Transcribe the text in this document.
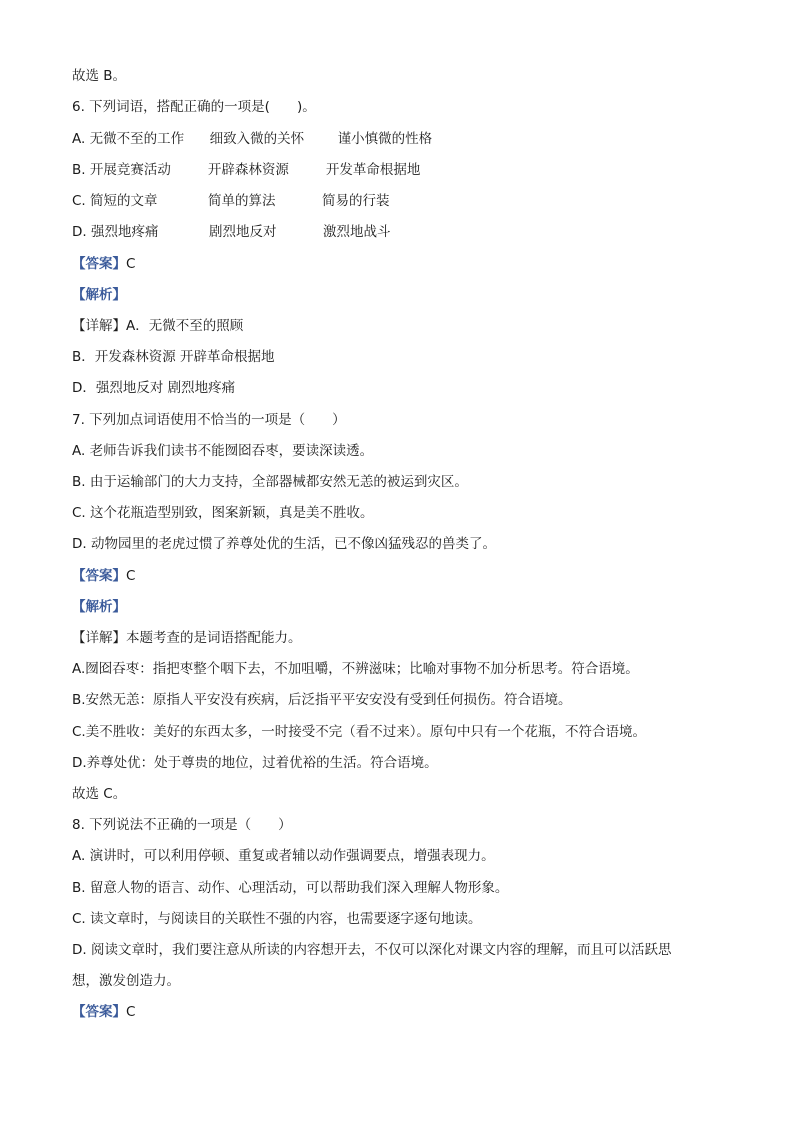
故选 B。
6. 下列词语，搭配正确的一项是(　　)。
A. 无微不至的工作 细致入微的关怀 谨小慎微的性格
B. 开展竞赛活动	开辟森林资源	开发革命根据地
C. 简短的文章	简单的算法	简易的行装
D. 强烈地疼痛	剧烈地反对	激烈地战斗
【答案】C
【解析】
【详解】A．无微不至的照顾
B．开发森林资源 开辟革命根据地
D．强烈地反对 剧烈地疼痛
7. 下列加点词语使用不恰当的一项是（　　）
A. 老师告诉我们读书不能囫囵吞枣，要读深读透。
B. 由于运输部门的大力支持，全部器械都安然无恙的被运到灾区。
C. 这个花瓶造型别致，图案新颖，真是美不胜收。
D. 动物园里的老虎过惯了养尊处优的生活，已不像凶猛残忍的兽类了。
【答案】C
【解析】
【详解】本题考查的是词语搭配能力。
A.囫囵吞枣：指把枣整个咽下去，不加咀嚼，不辨滋味；比喻对事物不加分析思考。符合语境。
B.安然无恙：原指人平安没有疾病，后泛指平平安安没有受到任何损伤。符合语境。
C.美不胜收：美好的东西太多，一时接受不完（看不过来）。原句中只有一个花瓶，不符合语境。
D.养尊处优：处于尊贵的地位，过着优裕的生活。符合语境。
故选 C。
8. 下列说法不正确的一项是（　　）
A. 演讲时，可以利用停顿、重复或者辅以动作强调要点，增强表现力。
B. 留意人物的语言、动作、心理活动，可以帮助我们深入理解人物形象。
C. 读文章时，与阅读目的关联性不强的内容，也需要逐字逐句地读。
D. 阅读文章时，我们要注意从所读的内容想开去，不仅可以深化对课文内容的理解，而且可以活跃思
想，激发创造力。
【答案】C
